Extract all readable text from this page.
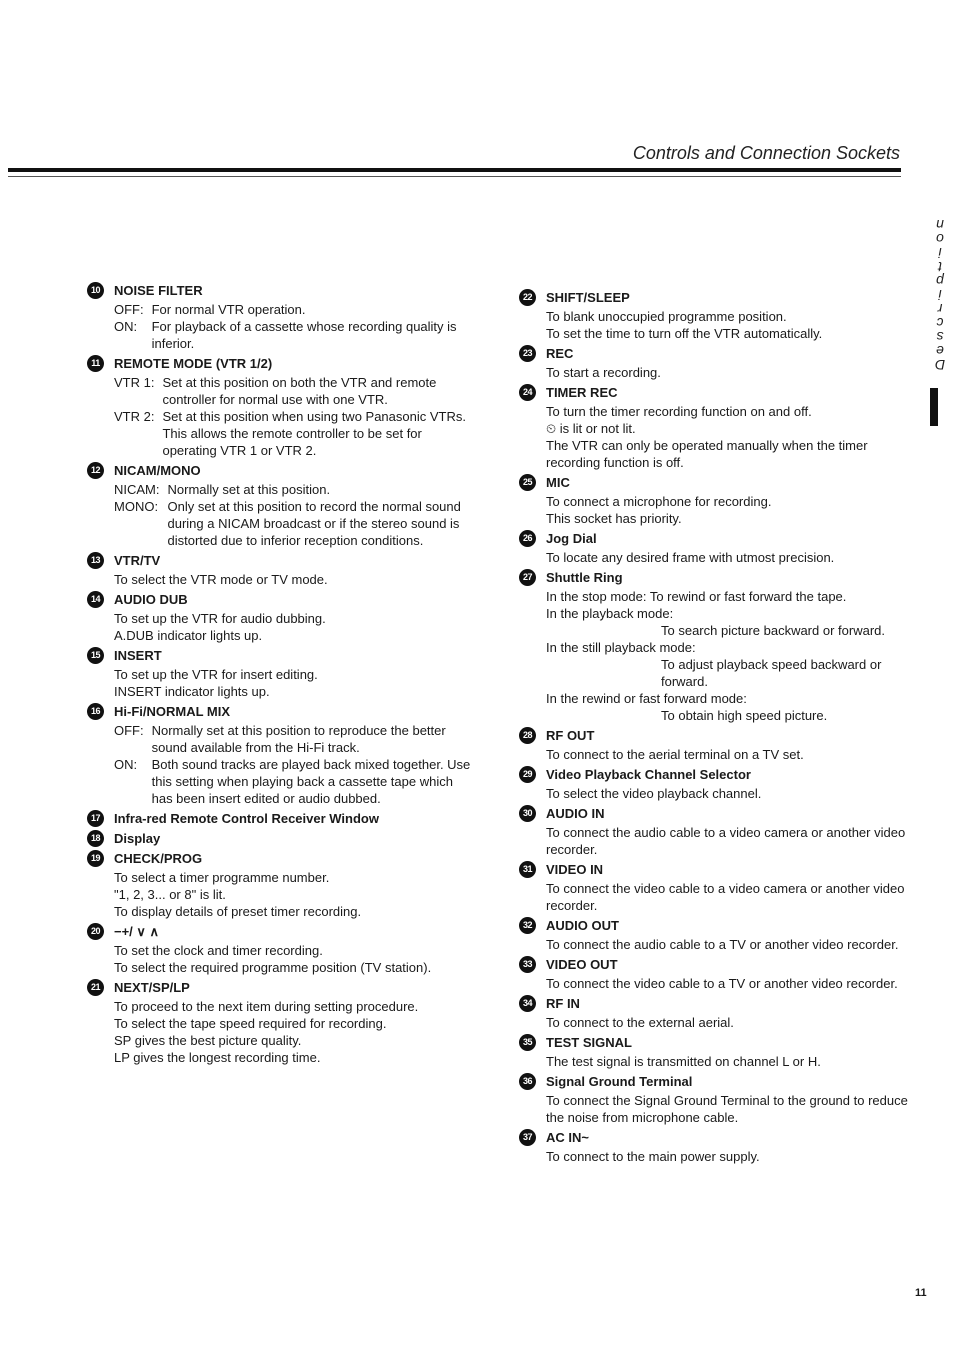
Controls and Connection Sockets
D
e
s
c
r
i
p
t
i
o
n
10	NOISE FILTER
OFF: For normal VTR operation.
ON:	For playback of a cassette whose recording quality is inferior.
11	REMOTE MODE (VTR 1/2)
VTR 1: Set at this position on both the VTR and remote controller for normal use with one VTR.
VTR 2: Set at this position when using two Panasonic VTRs. This allows the remote controller to be set for operating VTR 1 or VTR 2.
12	NICAM/MONO
NICAM: Normally set at this position.
MONO: Only set at this position to record the normal sound during a NICAM broadcast or if the stereo sound is distorted due to inferior reception conditions.
13	VTR/TV
To select the VTR mode or TV mode.
14	AUDIO DUB
To set up the VTR for audio dubbing.
A.DUB indicator lights up.
15	INSERT
To set up the VTR for insert editing.
INSERT indicator lights up.
16	Hi-Fi/NORMAL MIX
OFF: Normally set at this position to reproduce the better sound available from the Hi-Fi track.
ON:	Both sound tracks are played back mixed together. Use this setting when playing back a cassette tape which has been insert edited or audio dubbed.
17	Infra-red Remote Control Receiver Window
18	Display
19	CHECK/PROG
To select a timer programme number.
"1, 2, 3... or 8" is lit.
To display details of preset timer recording.
20	−+/ ∨ ∧
To set the clock and timer recording.
To select the required programme position (TV station).
21	NEXT/SP/LP
To proceed to the next item during setting procedure.
To select the tape speed required for recording.
SP gives the best picture quality.
LP gives the longest recording time.
22	SHIFT/SLEEP
To blank unoccupied programme position.
To set the time to turn off the VTR automatically.
23	REC
To start a recording.
24	TIMER REC
To turn the timer recording function on and off.
⏲ is lit or not lit.
The VTR can only be operated manually when the timer recording function is off.
25	MIC
To connect a microphone for recording.
This socket has priority.
26	Jog Dial
To locate any desired frame with utmost precision.
27	Shuttle Ring
In the stop mode: To rewind or fast forward the tape.
In the playback mode:
To search picture backward or forward.
In the still playback mode:
To adjust playback speed backward or forward.
In the rewind or fast forward mode:
To obtain high speed picture.
28	RF OUT
To connect to the aerial terminal on a TV set.
29	Video Playback Channel Selector
To select the video playback channel.
30	AUDIO IN
To connect the audio cable to a video camera or another video recorder.
31	VIDEO IN
To connect the video cable to a video camera or another video recorder.
32	AUDIO OUT
To connect the audio cable to a TV or another video recorder.
33	VIDEO OUT
To connect the video cable to a TV or another video recorder.
34	RF IN
To connect to the external aerial.
35	TEST SIGNAL
The test signal is transmitted on channel L or H.
36	Signal Ground Terminal
To connect the Signal Ground Terminal to the ground to reduce the noise from microphone cable.
37	AC IN~
To connect to the main power supply.
11
